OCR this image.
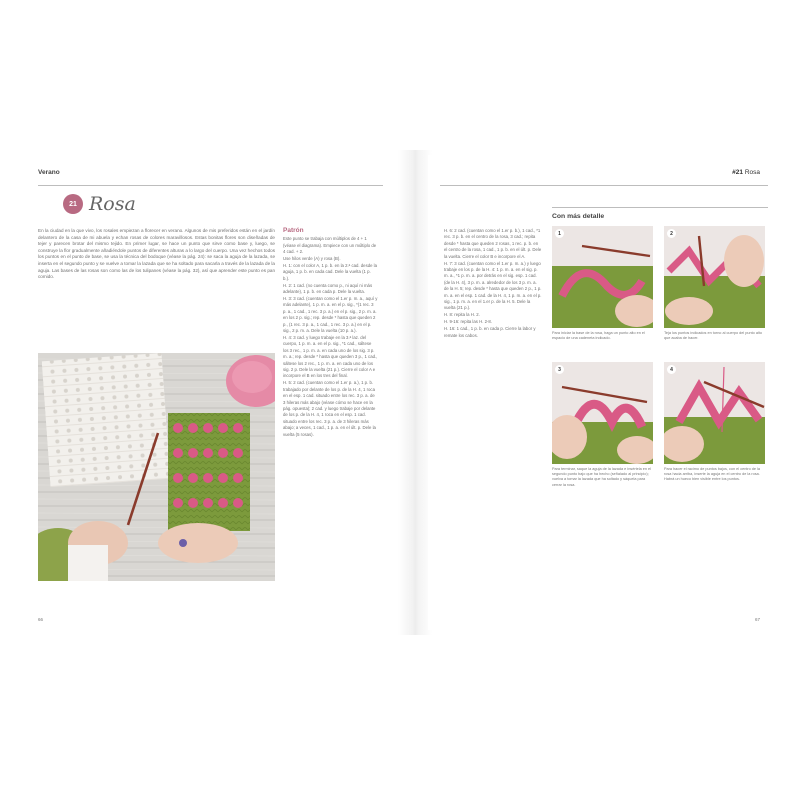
Verano
21 Rosa
En la ciudad en la que vivo, los rosales empiezan a florecer en verano. Algunos de mis preferidos están en el jardín delantero de la casa de mi abuela y echan rosas de colores maravillosos. Estas bonitas flores son diseñadas de tejer y parecen brotar del mismo tejido. En primer lugar, se hace un punto que sirve como base y, luego, se construye la flor gradualmente añadiéndole puntos de diferentes alturas a lo largo del cuerpo. Una vez hechos todos los puntos en el punto de base, se usa la técnica del bodoque (véase la pág. 24): se saca la aguja de la lazada, se inserta en el segundo punto y se vuelve a tomar la lazada que se ha soltado para sacarla a través de la lazada de la aguja. Las bases de las rosas son como las de los tulipanes (véase la pág. 32), así que aprender este punto es pan comido.
Patrón

Este punto se trabaja con múltiplos de 4 + 1 (véase el diagrama). Empiece con un múltiplo de 4 cad. + 2.

Use hilos verde (A) y rosa (B).

H. 1: con el color A, 1 p. b. en la 2.ª cad. desde la aguja, 1 p. b. en cada cad. Dele la vuelta (1 p. b.).

H. 2: 1 cad. (no cuenta como p., ni aquí ni más adelante), 1 p. b. en cada p. Dele la vuelta.

H. 3: 3 cad. (cuentan como el 1.er p. m. a., aquí y más adelante), 1 p. m. a. en el p. sig., *(1 rec. 3 p. a., 1 cad., 1 rec. 3 p. a.) en el p. sig., 2 p. m. a. en los 2 p. sig.; rep. desde * hasta que queden 2 p., (1 rec. 3 p. a., 1 cad., 1 rec. 3 p. a.) en el p. sig., 2 p. m. a. Dele la vuelta (10 p. a.).

H. 4: 3 cad. y luego trabaje en la 3.ª laz. del cuerpo, 1 p. m. a. en el p. sig., *1 cad., sáltese los 3 rec., 1 p. m. a. en cada uno de los sig. 3 p. m. a.; rep. desde * hasta que queden 3 p., 1 cad., sáltese los 2 rec., 1 p. m. a. en cada uno de los sig. 2 p. Dele la vuelta (21 p.). Cierre el color A e incorpore el B en los tres del final.

H. 5: 2 cad. (cuentan como el 1.er p. a.), 1 p. b. trabajado por delante de los p. de la H. 4, 1 roca en el esp. 1 cad. situado entre los rec. 3 p. a. de 3 hileras más abajo (véase cómo se hace en la pág. opuesta); 2 cad. y luego trabaje por delante de los p. de la H. 4, 1 roca en el esp. 1 cad. situado entre los rec. 3 p. a. de 3 hileras más abajo; a veces, 1 cad., 1 p. a. en el últ. p. Dele la vuelta (5 rosas).

66
#21 Rosa

H. 6: 2 cad. (cuentan como el 1.er p. b.), 1 cad., *1 rec. 3 p. b. en el centro de la rosa, 3 cad.; repita desde * hasta que queden 2 rosas, 1 rec. p. b. en el centro de la rosa, 1 cad., 1 p. b. en el últ. p. Dele la vuelta. Cierre el color B e incorpore el A.

H. 7: 3 cad. (cuentan como el 1.er p. m. a.) y luego trabaje en los p. de la H. 4: 1 p. m. a. en el sig. p. m. a., *1 p. m. a. por detrás en el sig. esp. 1 cad. (de la H. 4), 3 p. m. a. alrededor de los 3 p. m. a. de la H. 5; rep. desde * hasta que queden 2 p., 1 p. m. a. en el esp. 1 cad. de la H. 4, 1 p. m. a. en el p. sig., 1 p. m. a. en el 1.er p. de la H. 5. Dele la vuelta (21 p.).

H. 8: repita la H. 2.

H. 9-16: repita las H. 2-8.

H. 16: 1 cad., 1 p. b. en cada p. Cierre la labor y remate los cabos.

Con más detalle
1
Para iniciar la base de la rosa, haga un punto alto en el espacio de una cadeneta indicado.
2
Teja los puntos indicados en torno al cuerpo del punto alto que acaba de hacer.
3
Para terminar, saque la aguja de la lazada e insértela en el segundo punto bajo que ha hecho (señalado al principio); vuelva a tomar la lazada que ha soltado y sáquela para cerrar la rosa.
4
Para hacer el racimo de puntos bajos, con el centro de la rosa hacia arriba, inserte la aguja en el centro de la rosa. Habrá un hueco bien visible entre los puntos.
67
